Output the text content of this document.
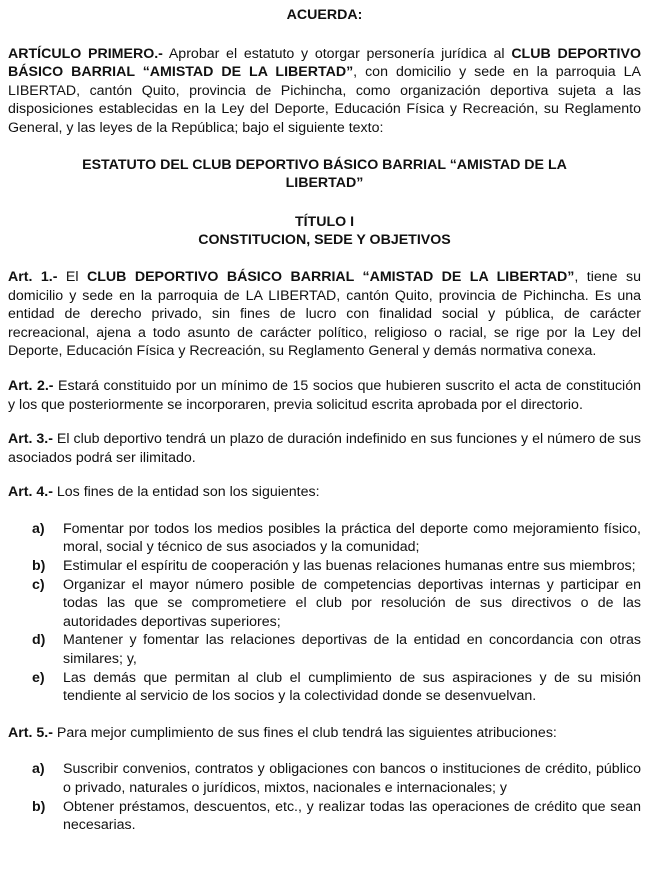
ACUERDA:

ARTÍCULO PRIMERO.- Aprobar el estatuto y otorgar personería jurídica al CLUB DEPORTIVO BÁSICO BARRIAL “AMISTAD DE LA LIBERTAD”, con domicilio y sede en la parroquia LA LIBERTAD, cantón Quito, provincia de Pichincha, como organización deportiva sujeta a las disposiciones establecidas en la Ley del Deporte, Educación Física y Recreación, su Reglamento General, y las leyes de la República; bajo el siguiente texto:

ESTATUTO DEL CLUB DEPORTIVO BÁSICO BARRIAL “AMISTAD DE LA LIBERTAD”

TÍTULO I

CONSTITUCION, SEDE Y OBJETIVOS

Art. 1.- El CLUB DEPORTIVO BÁSICO BARRIAL “AMISTAD DE LA LIBERTAD”, tiene su domicilio y sede en la parroquia de LA LIBERTAD, cantón Quito, provincia de Pichincha. Es una entidad de derecho privado, sin fines de lucro con finalidad social y pública, de carácter recreacional, ajena a todo asunto de carácter político, religioso o racial, se rige por la Ley del Deporte, Educación Física y Recreación, su Reglamento General y demás normativa conexa.

Art. 2.- Estará constituido por un mínimo de 15 socios que hubieren suscrito el acta de constitución y los que posteriormente se incorporaren, previa solicitud escrita aprobada por el directorio.

Art. 3.- El club deportivo tendrá un plazo de duración indefinido en sus funciones y el número de sus asociados podrá ser ilimitado.

Art. 4.- Los fines de la entidad son los siguientes:

a)	Fomentar por todos los medios posibles la práctica del deporte como mejoramiento físico, moral, social y técnico de sus asociados y la comunidad;
b)	Estimular el espíritu de cooperación y las buenas relaciones humanas entre sus miembros;
c)	Organizar el mayor número posible de competencias deportivas internas y participar en todas las que se comprometiere el club por resolución de sus directivos o de las autoridades deportivas superiores;
d)	Mantener y fomentar las relaciones deportivas de la entidad en concordancia con otras similares; y,
e)	Las demás que permitan al club el cumplimiento de sus aspiraciones y de su misión tendiente al servicio de los socios y la colectividad donde se desenvuelvan.

Art. 5.- Para mejor cumplimiento de sus fines el club tendrá las siguientes atribuciones:

a)	Suscribir convenios, contratos y obligaciones con bancos o instituciones de crédito, público o privado, naturales o jurídicos, mixtos, nacionales e internacionales; y
b)	Obtener préstamos, descuentos, etc., y realizar todas las operaciones de crédito que sean necesarias.
